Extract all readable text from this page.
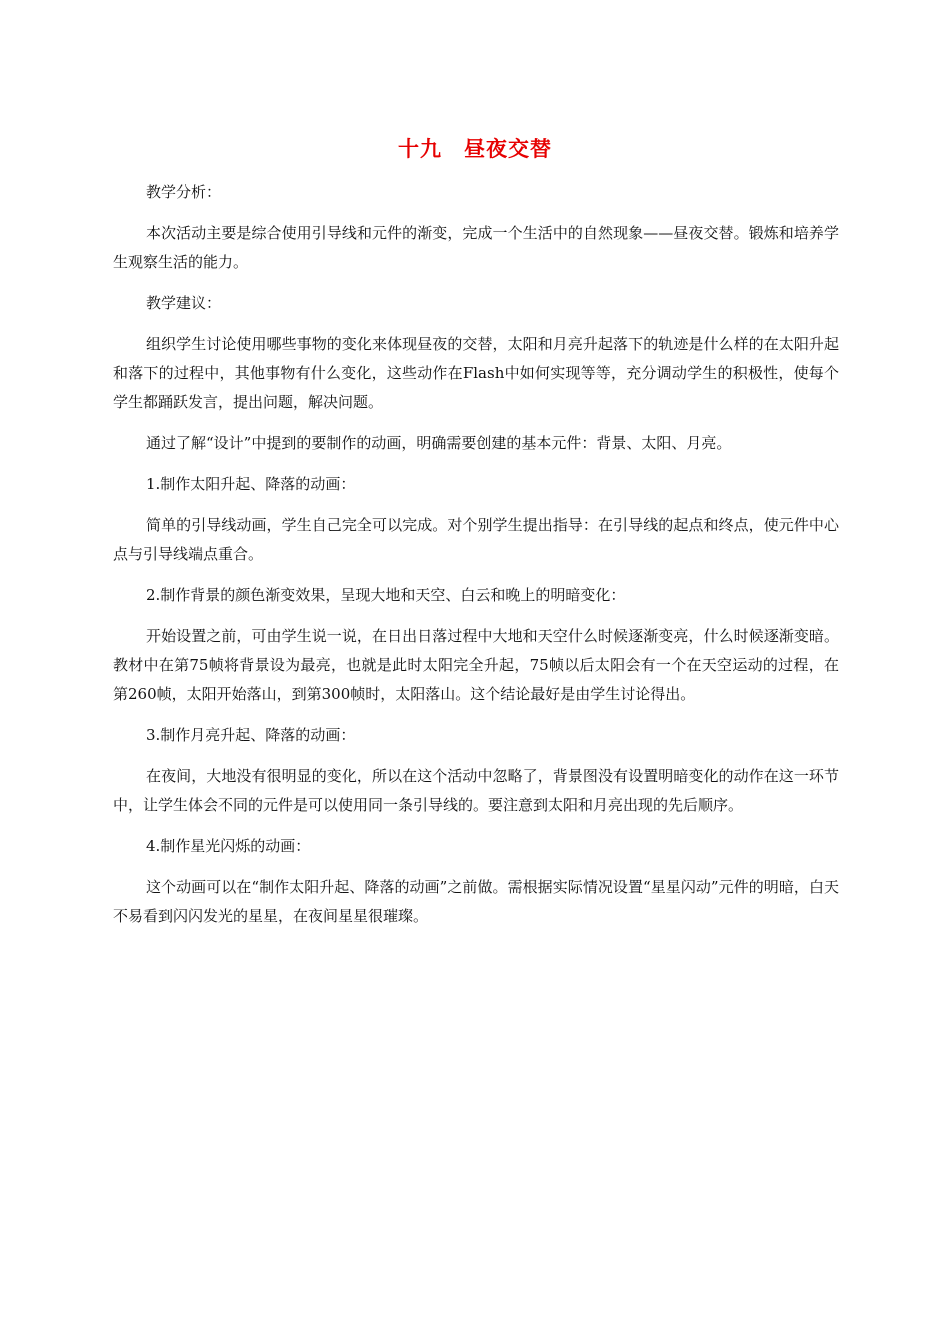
十九　昼夜交替

教学分析：

本次活动主要是综合使用引导线和元件的渐变，完成一个生活中的自然现象——昼夜交替。锻炼和培养学生观察生活的能力。

教学建议：

组织学生讨论使用哪些事物的变化来体现昼夜的交替，太阳和月亮升起落下的轨迹是什么样的在太阳升起和落下的过程中，其他事物有什么变化，这些动作在Flash中如何实现等等，充分调动学生的积极性，使每个学生都踊跃发言，提出问题，解决问题。

通过了解“设计”中提到的要制作的动画，明确需要创建的基本元件：背景、太阳、月亮。

1.制作太阳升起、降落的动画：

简单的引导线动画，学生自己完全可以完成。对个别学生提出指导：在引导线的起点和终点，使元件中心点与引导线端点重合。

2.制作背景的颜色渐变效果，呈现大地和天空、白云和晚上的明暗变化：

开始设置之前，可由学生说一说，在日出日落过程中大地和天空什么时候逐渐变亮，什么时候逐渐变暗。教材中在第75帧将背景设为最亮，也就是此时太阳完全升起，75帧以后太阳会有一个在天空运动的过程，在第260帧，太阳开始落山，到第300帧时，太阳落山。这个结论最好是由学生讨论得出。

3.制作月亮升起、降落的动画：

在夜间，大地没有很明显的变化，所以在这个活动中忽略了，背景图没有设置明暗变化的动作在这一环节中，让学生体会不同的元件是可以使用同一条引导线的。要注意到太阳和月亮出现的先后顺序。

4.制作星光闪烁的动画：

这个动画可以在“制作太阳升起、降落的动画”之前做。需根据实际情况设置“星星闪动”元件的明暗，白天不易看到闪闪发光的星星，在夜间星星很璀璨。
